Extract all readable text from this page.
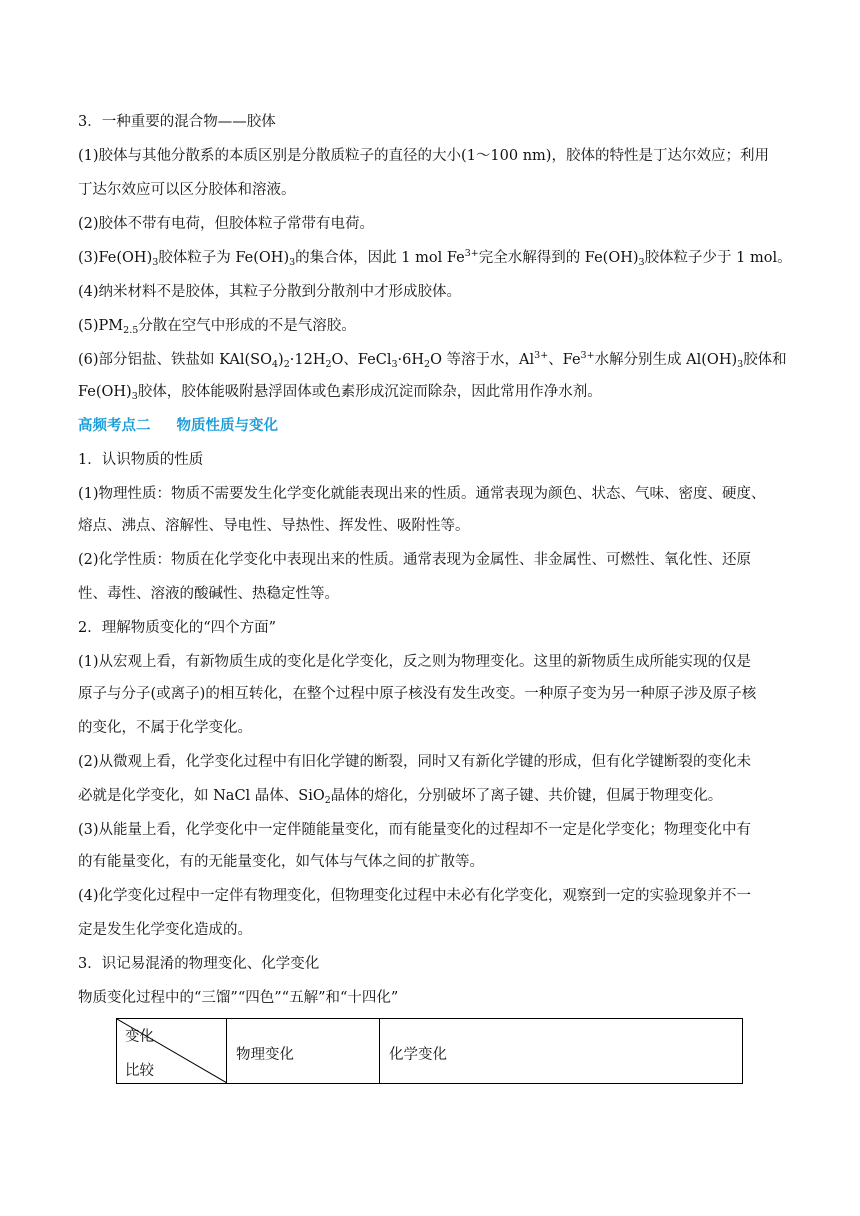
3．一种重要的混合物——胶体
(1)胶体与其他分散系的本质区别是分散质粒子的直径的大小(1～100 nm)，胶体的特性是丁达尔效应；利用
丁达尔效应可以区分胶体和溶液。
(2)胶体不带有电荷，但胶体粒子常带有电荷。
$(3)Fe(OH)_3$胶体粒子为 $Fe(OH)_3$的集合体，因此 1 mol $Fe^{3+}$完全水解得到的 $Fe(OH)_3$胶体粒子少于 1 mol。
(4)纳米材料不是胶体，其粒子分散到分散剂中才形成胶体。
$(5)PM_{2.5}$分散在空气中形成的不是气溶胶。
(6)部分铝盐、铁盐如 $KAl(SO_4)_2\cdot 12H_2O$、$FeCl_3\cdot 6H_2O$ 等溶于水，$Al^{3+}$、$Fe^{3+}$水解分别生成 $Al(OH)_3$胶体和
$Fe(OH)_3$胶体，胶体能吸附悬浮固体或色素形成沉淀而除杂，因此常用作净水剂。
高频考点二 物质性质与变化
1．认识物质的性质
(1)物理性质：物质不需要发生化学变化就能表现出来的性质。通常表现为颜色、状态、气味、密度、硬度、
熔点、沸点、溶解性、导电性、导热性、挥发性、吸附性等。
(2)化学性质：物质在化学变化中表现出来的性质。通常表现为金属性、非金属性、可燃性、氧化性、还原
性、毒性、溶液的酸碱性、热稳定性等。
2．理解物质变化的“四个方面”
(1)从宏观上看，有新物质生成的变化是化学变化，反之则为物理变化。这里的新物质生成所能实现的仅是
原子与分子(或离子)的相互转化，在整个过程中原子核没有发生改变。一种原子变为另一种原子涉及原子核
的变化，不属于化学变化。
(2)从微观上看，化学变化过程中有旧化学键的断裂，同时又有新化学键的形成，但有化学键断裂的变化未
必就是化学变化，如 NaCl 晶体、SiO$_2$晶体的熔化，分别破坏了离子键、共价键，但属于物理变化。
(3)从能量上看，化学变化中一定伴随能量变化，而有能量变化的过程却不一定是化学变化；物理变化中有
的有能量变化，有的无能量变化，如气体与气体之间的扩散等。
(4)化学变化过程中一定伴有物理变化，但物理变化过程中未必有化学变化，观察到一定的实验现象并不一
定是发生化学变化造成的。
3．识记易混淆的物理变化、化学变化
物质变化过程中的“三馏”“四色”“五解”和“十四化”
变化
比较
物理变化	化学变化
